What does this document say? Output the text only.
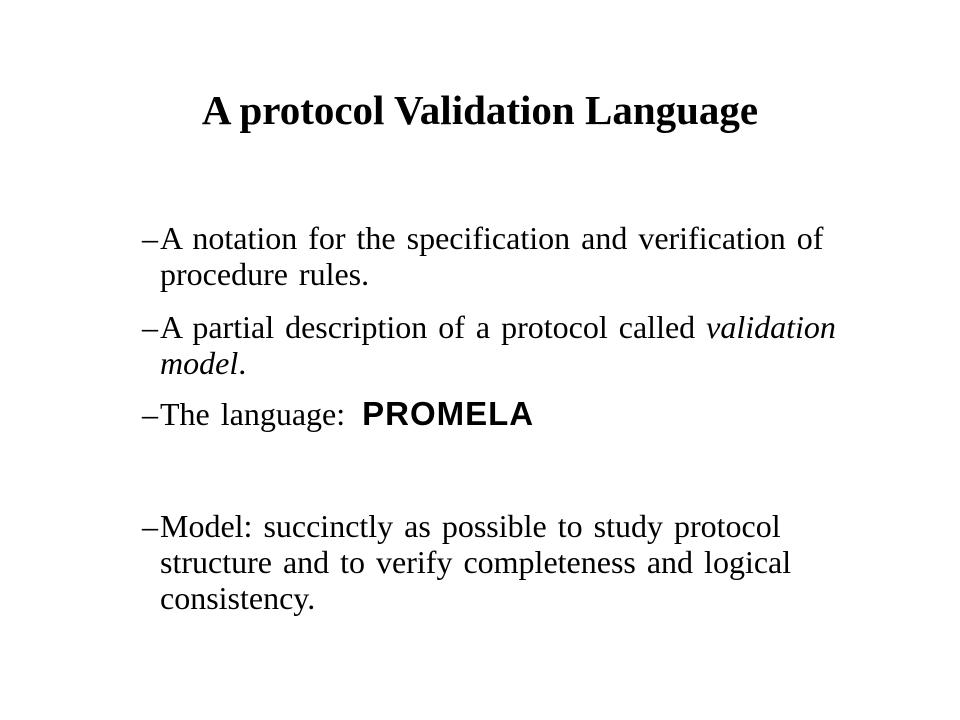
A protocol Validation Language
– A notation for the specification and verification of procedure rules.
– A partial description of a protocol called validation model.
– The language: PROMELA
– Model: succinctly as possible to study protocol structure and to verify completeness and logical consistency.
